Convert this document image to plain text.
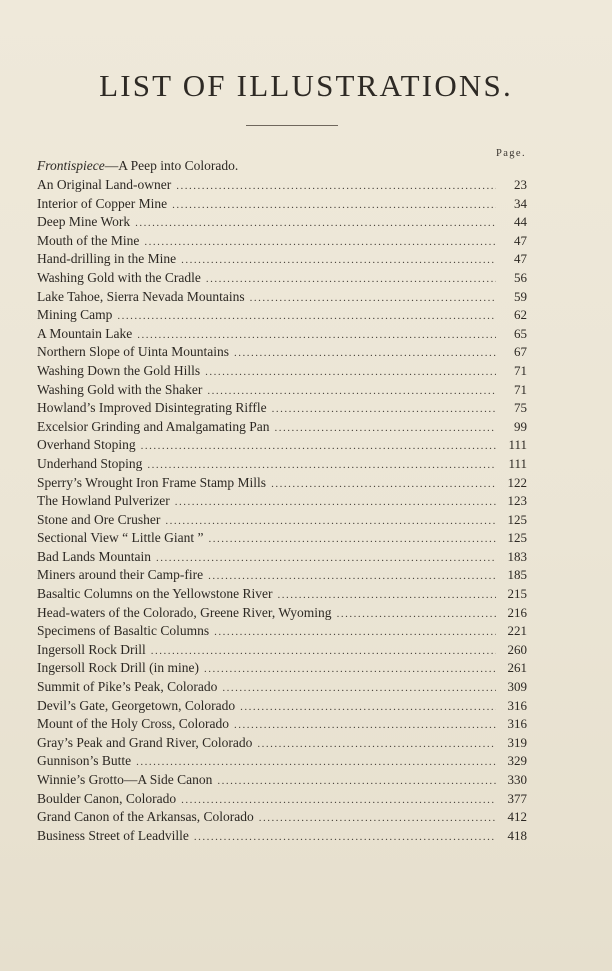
LIST OF ILLUSTRATIONS.
Page.
Frontispiece—A Peep into Colorado.
An Original Land-owner .....	23
Interior of Copper Mine .....	34
Deep Mine Work .....	44
Mouth of the Mine .....	47
Hand-drilling in the Mine .....	47
Washing Gold with the Cradle .....	56
Lake Tahoe, Sierra Nevada Mountains .....	59
Mining Camp .....	62
A Mountain Lake .....	65
Northern Slope of Uinta Mountains .....	67
Washing Down the Gold Hills .....	71
Washing Gold with the Shaker .....	71
Howland’s Improved Disintegrating Riffle .....	75
Excelsior Grinding and Amalgamating Pan .....	99
Overhand Stoping .....	111
Underhand Stoping .....	111
Sperry’s Wrought Iron Frame Stamp Mills .....	122
The Howland Pulverizer .....	123
Stone and Ore Crusher .....	125
Sectional View “ Little Giant ” .....	125
Bad Lands Mountain .....	183
Miners around their Camp-fire .....	185
Basaltic Columns on the Yellowstone River .....	215
Head-waters of the Colorado, Greene River, Wyoming .....	216
Specimens of Basaltic Columns .....	221
Ingersoll Rock Drill .....	260
Ingersoll Rock Drill (in mine) .....	261
Summit of Pike’s Peak, Colorado .....	309
Devil’s Gate, Georgetown, Colorado .....	316
Mount of the Holy Cross, Colorado .....	316
Gray’s Peak and Grand River, Colorado .....	319
Gunnison’s Butte .....	329
Winnie’s Grotto—A Side Canon .....	330
Boulder Canon, Colorado .....	377
Grand Canon of the Arkansas, Colorado .....	412
Business Street of Leadville .....	418
